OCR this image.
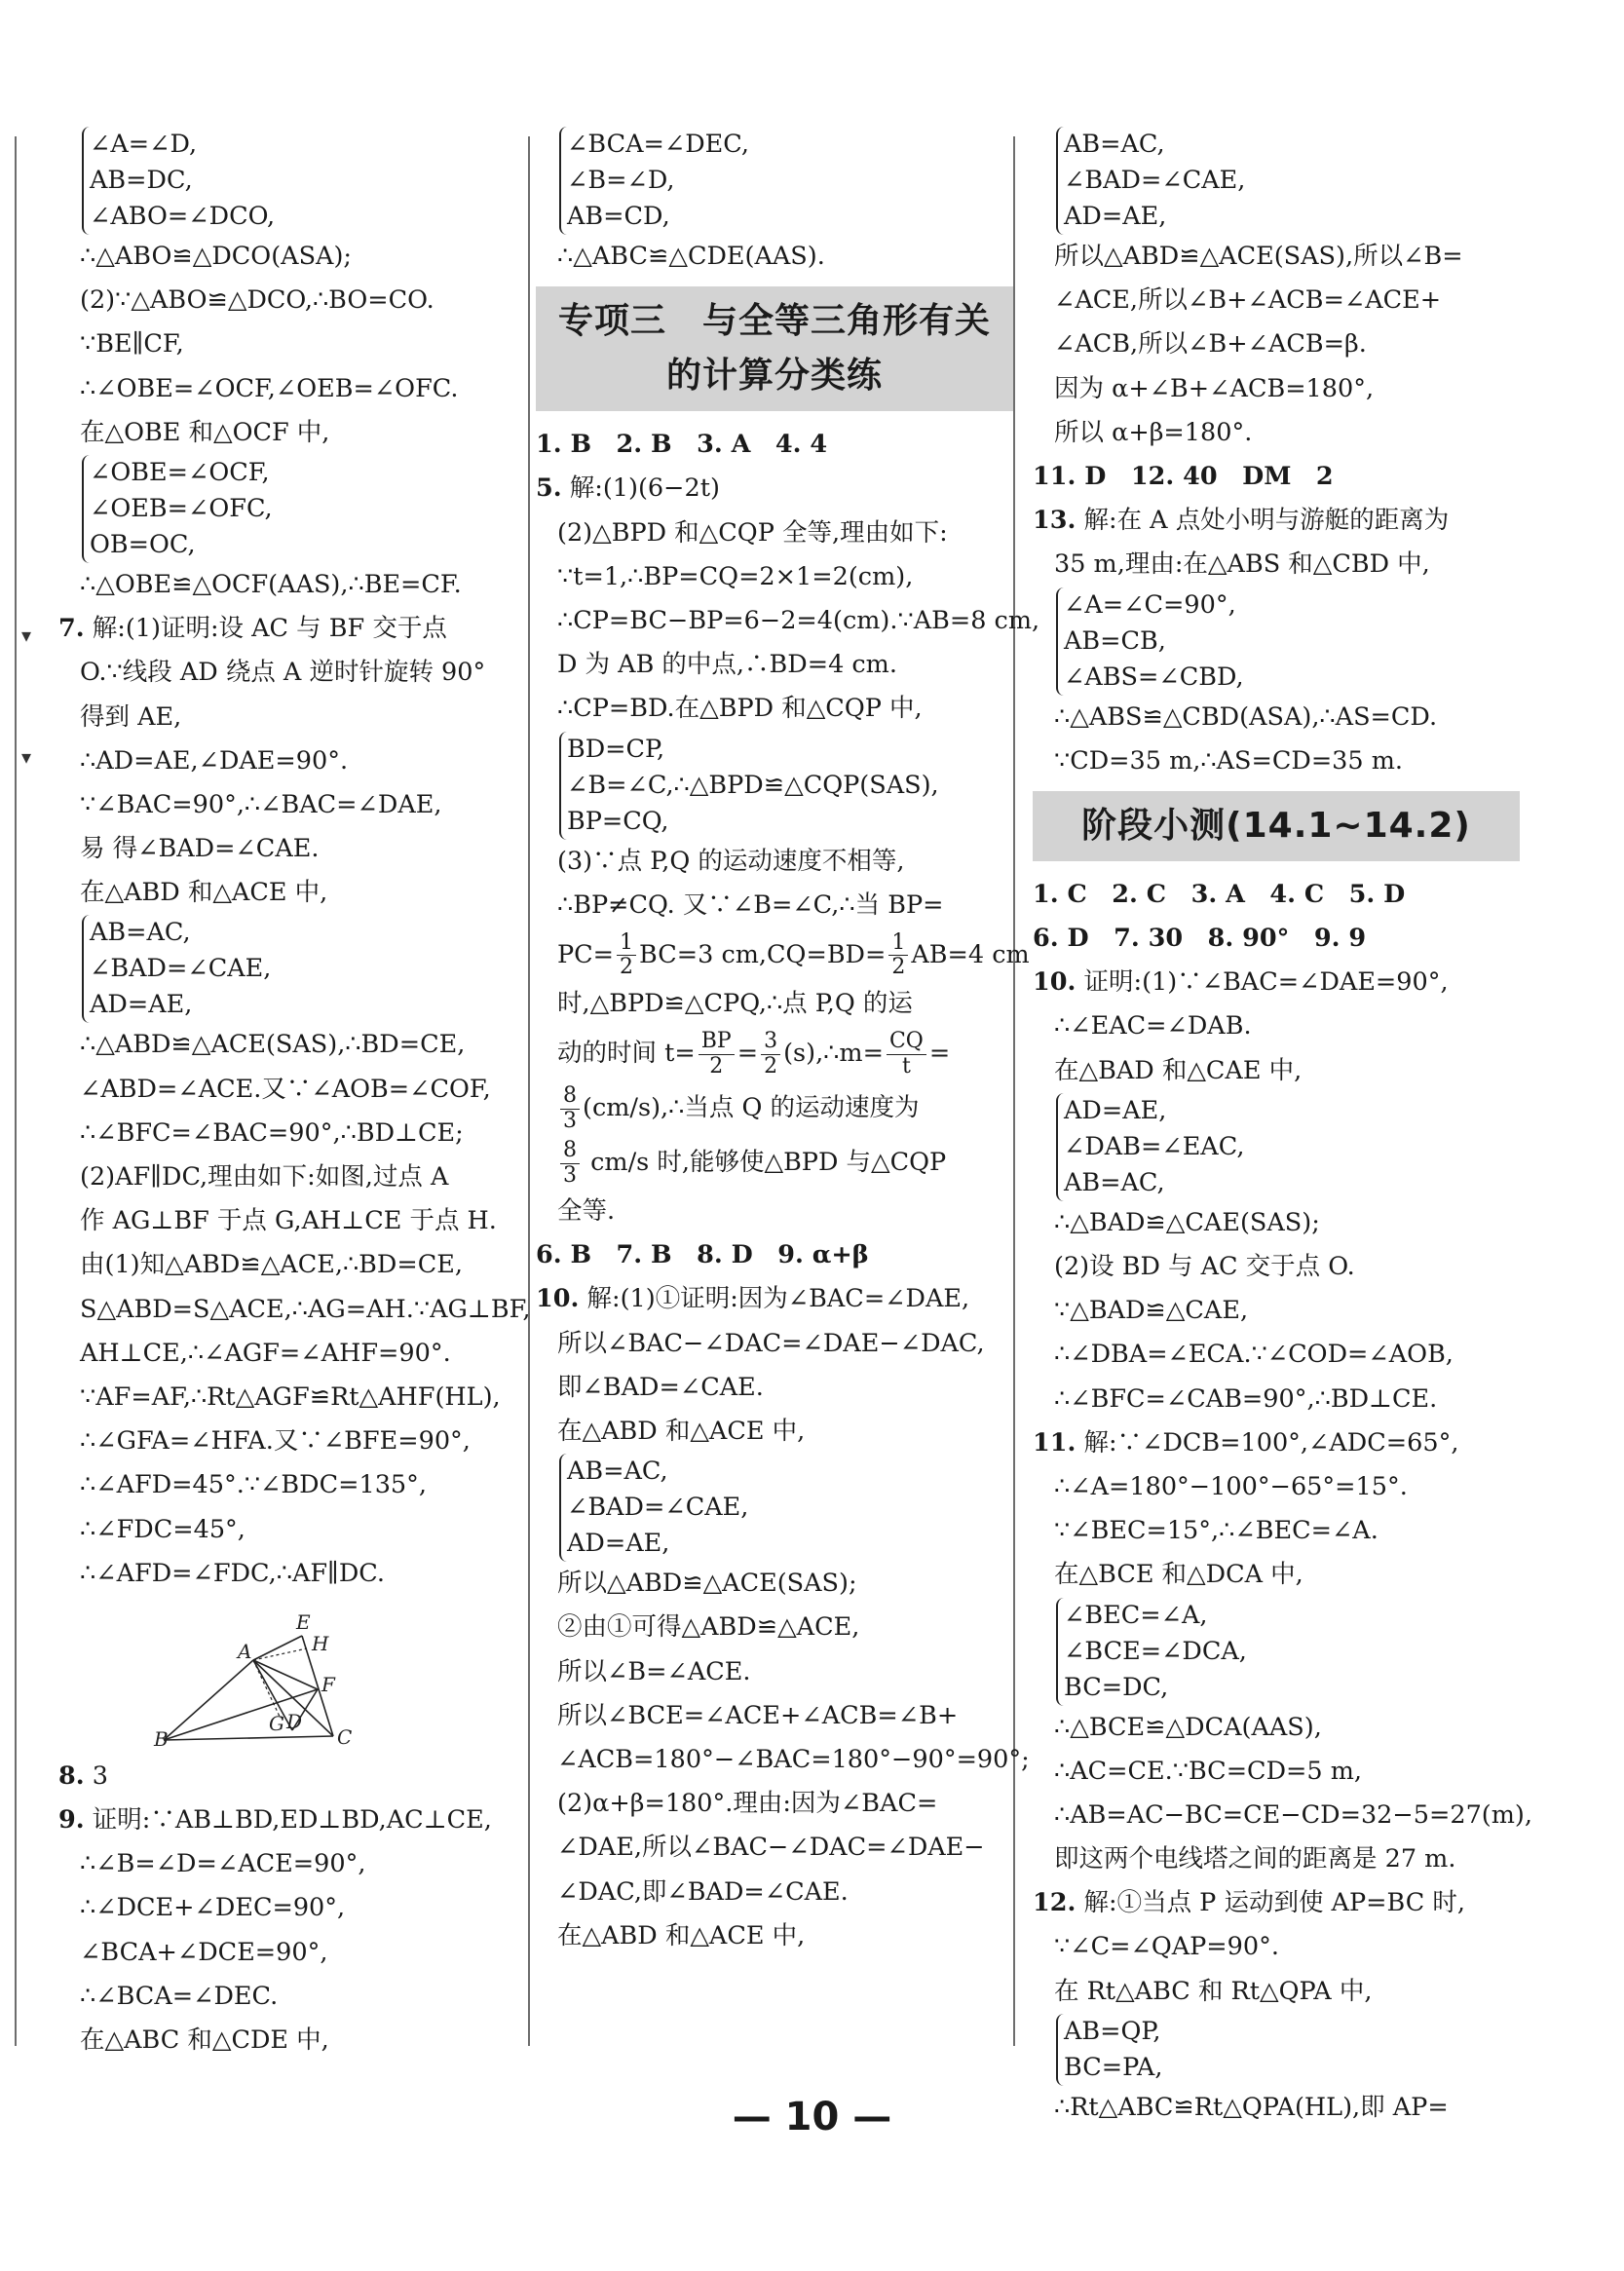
▾
▾
∠A=∠D,
AB=DC,
∠ABO=∠DCO,
∴△ABO≌△DCO(ASA);
(2)∵△ABO≌△DCO,∴BO=CO.
∵BE∥CF,
∴∠OBE=∠OCF,∠OEB=∠OFC.
在△OBE 和△OCF 中,
∠OBE=∠OCF,
∠OEB=∠OFC,
OB=OC,
∴△OBE≌△OCF(AAS),∴BE=CF.
7. 解:(1)证明:设 AC 与 BF 交于点
O.∵线段 AD 绕点 A 逆时针旋转 90°
得到 AE,
∴AD=AE,∠DAE=90°.
∵∠BAC=90°,∴∠BAC=∠DAE,
易 得∠BAD=∠CAE.
在△ABD 和△ACE 中,
AB=AC,
∠BAD=∠CAE,
AD=AE,
∴△ABD≌△ACE(SAS),∴BD=CE,
∠ABD=∠ACE.又∵∠AOB=∠COF,
∴∠BFC=∠BAC=90°,∴BD⊥CE;
(2)AF∥DC,理由如下:如图,过点 A
作 AG⊥BF 于点 G,AH⊥CE 于点 H.
由(1)知△ABD≌△ACE,∴BD=CE,
S△ABD=S△ACE,∴AG=AH.∵AG⊥BF,
AH⊥CE,∴∠AGF=∠AHF=90°.
∵AF=AF,∴Rt△AGF≌Rt△AHF(HL),
∴∠GFA=∠HFA.又∵∠BFE=90°,
∴∠AFD=45°.∵∠BDC=135°,
∴∠FDC=45°,
∴∠AFD=∠FDC,∴AF∥DC.
A
E
H
F
G D
B	C
8. 3
9. 证明:∵AB⊥BD,ED⊥BD,AC⊥CE,
∴∠B=∠D=∠ACE=90°,
∴∠DCE+∠DEC=90°,
∠BCA+∠DCE=90°,
∴∠BCA=∠DEC.
在△ABC 和△CDE 中,
∠BCA=∠DEC,
∠B=∠D,
AB=CD,
∴△ABC≌△CDE(AAS).
专项三　与全等三角形有关
的计算分类练
1. B　2. B　3. A　4. 4
5. 解:(1)(6−2t)
(2)△BPD 和△CQP 全等,理由如下:
∵t=1,∴BP=CQ=2×1=2(cm),
∴CP=BC−BP=6−2=4(cm).∵AB=8 cm,
D 为 AB 的中点,∴BD=4 cm.
∴CP=BD.在△BPD 和△CQP 中,
BD=CP,
∠B=∠C,∴△BPD≌△CQP(SAS),
BP=CQ,
(3)∵点 P,Q 的运动速度不相等,
∴BP≠CQ. 又∵∠B=∠C,∴当 BP=
$PC= \frac{1}{2} BC=3$ $cm,CQ=BD= \frac{1}{2} AB=4$ cm
时,△BPD≌△CPQ,∴点 P,Q 的运
动的时间 $t= \frac{BP}{2} = \frac{3}{2}$ (s),∴m= $\frac{CQ}{t}$ =
$\frac{8}{3}$ (cm/s),∴当点 Q 的运动速度为
$\frac{8}{3} cm/s$ 时,能够使△BPD 与△CQP
全等.
6. B　7. B　8. D　9. α+β
10. 解:(1)①证明:因为∠BAC=∠DAE,
所以∠BAC−∠DAC=∠DAE−∠DAC,
即∠BAD=∠CAE.
在△ABD 和△ACE 中,
AB=AC,
∠BAD=∠CAE,
AD=AE,
所以△ABD≌△ACE(SAS);
②由①可得△ABD≌△ACE,
所以∠B=∠ACE.
所以∠BCE=∠ACE+∠ACB=∠B+
∠ACB=180°−∠BAC=180°−90°=90°;
(2)α+β=180°.理由:因为∠BAC=
∠DAE,所以∠BAC−∠DAC=∠DAE−
∠DAC,即∠BAD=∠CAE.
在△ABD 和△ACE 中,
AB=AC,
∠BAD=∠CAE,
AD=AE,
所以△ABD≌△ACE(SAS),所以∠B=
∠ACE,所以∠B+∠ACB=∠ACE+
∠ACB,所以∠B+∠ACB=β.
因为 α+∠B+∠ACB=180°,
所以 α+β=180°.
11. D　12. 40　DM　2
13. 解:在 A 点处小明与游艇的距离为
35 m,理由:在△ABS 和△CBD 中,
∠A=∠C=90°,
AB=CB,
∠ABS=∠CBD,
∴△ABS≌△CBD(ASA),∴AS=CD.
∵CD=35 m,∴AS=CD=35 m.
阶段小测(14.1~14.2)
1. C　2. C　3. A　4. C　5. D
6. D　7. 30　8. 90°　9. 9
10. 证明:(1)∵∠BAC=∠DAE=90°,
∴∠EAC=∠DAB.
在△BAD 和△CAE 中,
AD=AE,
∠DAB=∠EAC,
AB=AC,
∴△BAD≌△CAE(SAS);
(2)设 BD 与 AC 交于点 O.
∵△BAD≌△CAE,
∴∠DBA=∠ECA.∵∠COD=∠AOB,
∴∠BFC=∠CAB=90°,∴BD⊥CE.
11. 解:∵∠DCB=100°,∠ADC=65°,
∴∠A=180°−100°−65°=15°.
∵∠BEC=15°,∴∠BEC=∠A.
在△BCE 和△DCA 中,
∠BEC=∠A,
∠BCE=∠DCA,
BC=DC,
∴△BCE≌△DCA(AAS),
∴AC=CE.∵BC=CD=5 m,
∴AB=AC−BC=CE−CD=32−5=27(m),
即这两个电线塔之间的距离是 27 m.
12. 解:①当点 P 运动到使 AP=BC 时,
∵∠C=∠QAP=90°.
在 Rt△ABC 和 Rt△QPA 中,
AB=QP,
BC=PA,
∴Rt△ABC≌Rt△QPA(HL),即 AP=
— 10 —
